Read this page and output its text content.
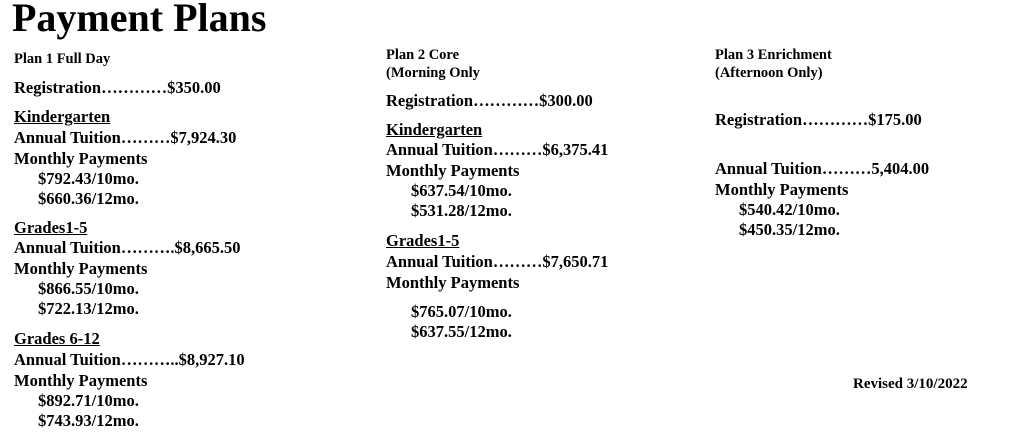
Payment Plans
Plan 1 Full Day
Registration…………$350.00
Kindergarten
Annual Tuition………$7,924.30
Monthly Payments
$792.43/10mo.
$660.36/12mo.
Grades1-5
Annual Tuition……….$8,665.50
Monthly Payments
$866.55/10mo.
$722.13/12mo.
Grades 6-12
Annual Tuition………..$8,927.10
Monthly Payments
$892.71/10mo.
$743.93/12mo.
Plan 2 Core
(Morning Only
Registration…………$300.00
Kindergarten
Annual Tuition………$6,375.41
Monthly Payments
$637.54/10mo.
$531.28/12mo.
Grades1-5
Annual Tuition………$7,650.71
Monthly Payments
$765.07/10mo.
$637.55/12mo.
Plan 3 Enrichment
(Afternoon Only)
Registration…………$175.00
Annual Tuition………5,404.00
Monthly Payments
$540.42/10mo.
$450.35/12mo.
Revised 3/10/2022
